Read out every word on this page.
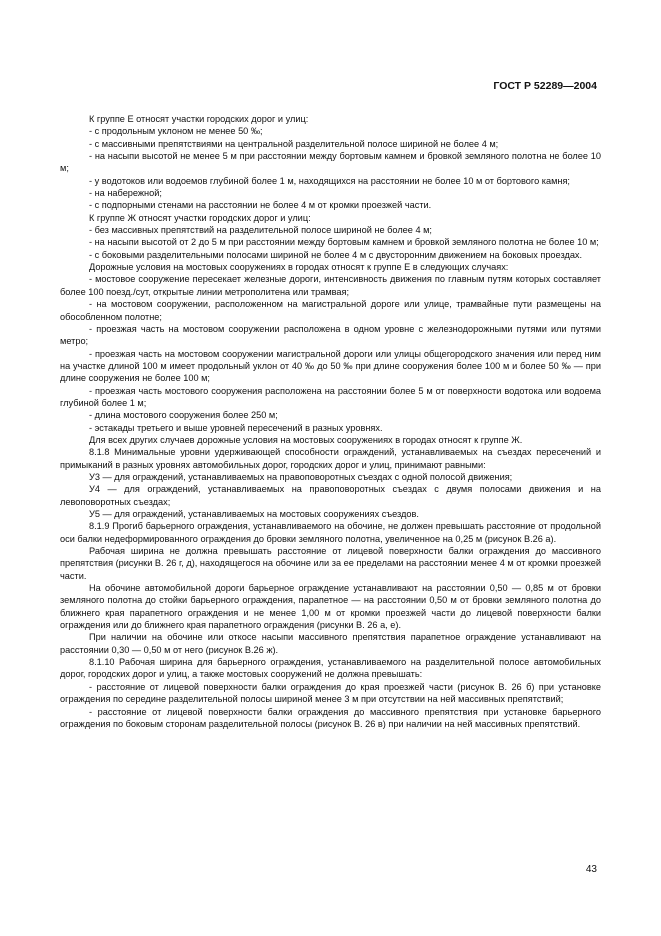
ГОСТ Р 52289—2004

К группе Е относят участки городских дорог и улиц:

- с продольным уклоном не менее 50 ‰;

- с массивными препятствиями на центральной разделительной полосе шириной не более 4 м;

- на насыпи высотой не менее 5 м при расстоянии между бортовым камнем и бровкой земляного полотна не более 10 м;

- у водотоков или водоемов глубиной более 1 м, находящихся на расстоянии не более 10 м от бортового камня;

- на набережной;

- с подпорными стенами на расстоянии не более 4 м от кромки проезжей части.

К группе Ж относят участки городских дорог и улиц:

- без массивных препятствий на разделительной полосе шириной не более 4 м;

- на насыпи высотой от 2 до 5 м при расстоянии между бортовым камнем и бровкой земляного полотна не более 10 м;

- с боковыми разделительными полосами шириной не более 4 м с двусторонним движением на боковых проездах.

Дорожные условия на мостовых сооружениях в городах относят к группе Е в следующих случаях:

- мостовое сооружение пересекает железные дороги, интенсивность движения по главным путям которых составляет более 100 поезд./сут, открытые линии метрополитена или трамвая;

- на мостовом сооружении, расположенном на магистральной дороге или улице, трамвайные пути размещены на обособленном полотне;

- проезжая часть на мостовом сооружении расположена в одном уровне с железнодорожными путями или путями метро;

- проезжая часть на мостовом сооружении магистральной дороги или улицы общегородского значения или перед ним на участке длиной 100 м имеет продольный уклон от 40 ‰ до 50 ‰ при длине сооружения более 100 м и более 50 ‰ — при длине сооружения не более 100 м;

- проезжая часть мостового сооружения расположена на расстоянии более 5 м от поверхности водотока или водоема глубиной более 1 м;

- длина мостового сооружения более 250 м;

- эстакады третьего и выше уровней пересечений в разных уровнях.

Для всех других случаев дорожные условия на мостовых сооружениях в городах относят к группе Ж.

8.1.8 Минимальные уровни удерживающей способности ограждений, устанавливаемых на съездах пересечений и примыканий в разных уровнях автомобильных дорог, городских дорог и улиц, принимают равными:

У3 — для ограждений, устанавливаемых на правоповоротных съездах с одной полосой движения;

У4 — для ограждений, устанавливаемых на правоповоротных съездах с двумя полосами движения и на левоповоротных съездах;

У5 — для ограждений, устанавливаемых на мостовых сооружениях съездов.

8.1.9 Прогиб барьерного ограждения, устанавливаемого на обочине, не должен превышать расстояние от продольной оси балки недеформированного ограждения до бровки земляного полотна, увеличенное на 0,25 м (рисунок В.26 а).

Рабочая ширина не должна превышать расстояние от лицевой поверхности балки ограждения до массивного препятствия (рисунки В. 26 г, д), находящегося на обочине или за ее пределами на расстоянии менее 4 м от кромки проезжей части.

На обочине автомобильной дороги барьерное ограждение устанавливают на расстоянии 0,50 — 0,85 м от бровки земляного полотна до стойки барьерного ограждения, парапетное — на расстоянии 0,50 м от бровки земляного полотна до ближнего края парапетного ограждения и не менее 1,00 м от кромки проезжей части до лицевой поверхности балки ограждения или до ближнего края парапетного ограждения (рисунки В. 26 а, е).

При наличии на обочине или откосе насыпи массивного препятствия парапетное ограждение устанавливают на расстоянии 0,30 — 0,50 м от него (рисунок В.26 ж).

8.1.10 Рабочая ширина для барьерного ограждения, устанавливаемого на разделительной полосе автомобильных дорог, городских дорог и улиц, а также мостовых сооружений не должна превышать:

- расстояние от лицевой поверхности балки ограждения до края проезжей части (рисунок В. 26 б) при установке ограждения по середине разделительной полосы шириной менее 3 м при отсутствии на ней массивных препятствий;

- расстояние от лицевой поверхности балки ограждения до массивного препятствия при установке барьерного ограждения по боковым сторонам разделительной полосы (рисунок В. 26 в) при наличии на ней массивных препятствий.

43
